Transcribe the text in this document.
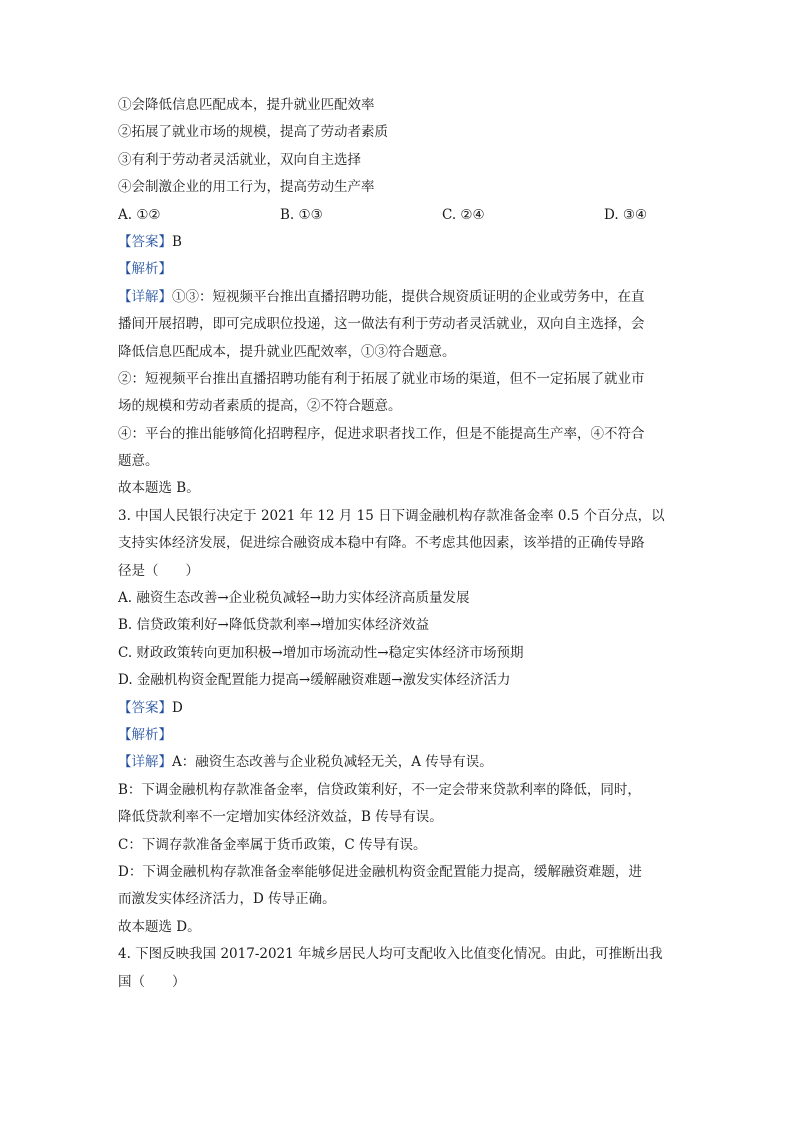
①会降低信息匹配成本，提升就业匹配效率
②拓展了就业市场的规模，提高了劳动者素质
③有利于劳动者灵活就业，双向自主选择
④会制激企业的用工行为，提高劳动生产率
A. ①②	B. ①③	C. ②④	D. ③④
【答案】B
【解析】
【详解】①③：短视频平台推出直播招聘功能，提供合规资质证明的企业或劳务中，在直
播间开展招聘，即可完成职位投递，这一做法有利于劳动者灵活就业，双向自主选择，会
降低信息匹配成本，提升就业匹配效率，①③符合题意。
②：短视频平台推出直播招聘功能有利于拓展了就业市场的渠道，但不一定拓展了就业市
场的规模和劳动者素质的提高，②不符合题意。
④：平台的推出能够简化招聘程序，促进求职者找工作，但是不能提高生产率，④不符合
题意。
故本题选 B。
3. 中国人民银行决定于 2021 年 12 月 15 日下调金融机构存款准备金率 0.5 个百分点，以
支持实体经济发展，促进综合融资成本稳中有降。不考虑其他因素，该举措的正确传导路
径是（　　）
A. 融资生态改善→企业税负减轻→助力实体经济高质量发展
B. 信贷政策利好→降低贷款利率→增加实体经济效益
C. 财政政策转向更加积极→增加市场流动性→稳定实体经济市场预期
D. 金融机构资金配置能力提高→缓解融资难题→激发实体经济活力
【答案】D
【解析】
【详解】A：融资生态改善与企业税负减轻无关，A 传导有误。
B：下调金融机构存款准备金率，信贷政策利好，不一定会带来贷款利率的降低，同时，
降低贷款利率不一定增加实体经济效益，B 传导有误。
C：下调存款准备金率属于货币政策，C 传导有误。
D：下调金融机构存款准备金率能够促进金融机构资金配置能力提高，缓解融资难题，进
而激发实体经济活力，D 传导正确。
故本题选 D。
4. 下图反映我国 2017-2021 年城乡居民人均可支配收入比值变化情况。由此，可推断出我
国（　　）
